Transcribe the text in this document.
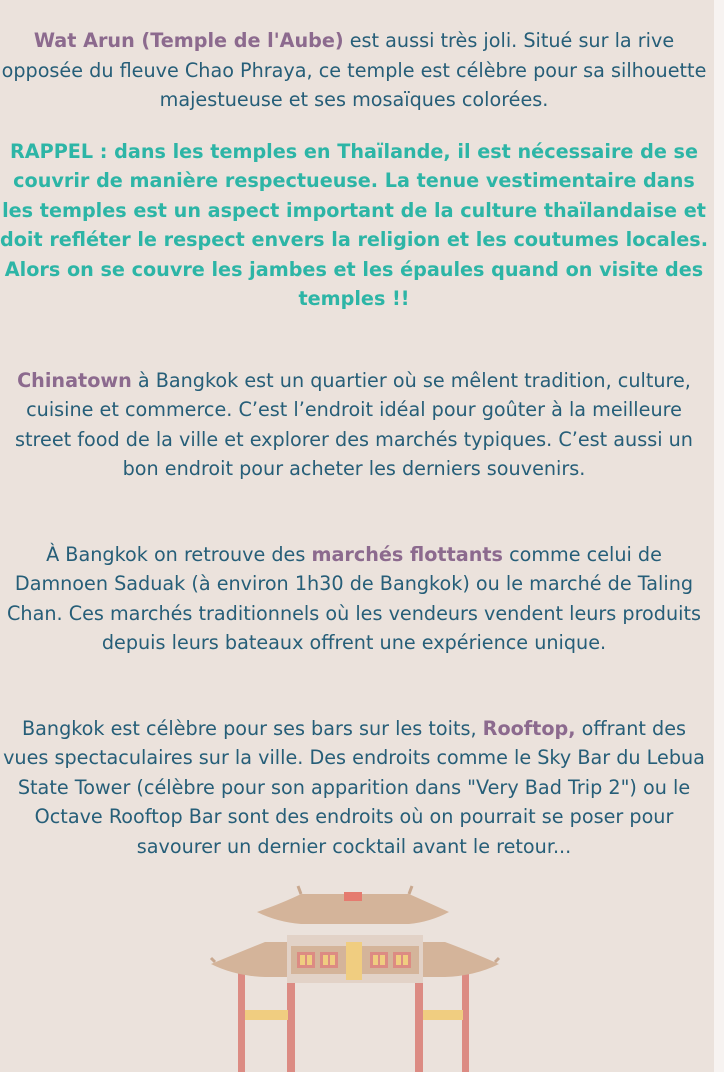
Wat Arun (Temple de l'Aube) est aussi très joli. Situé sur la rive opposée du fleuve Chao Phraya, ce temple est célèbre pour sa silhouette majestueuse et ses mosaïques colorées.

RAPPEL : dans les temples en Thaïlande, il est nécessaire de se couvrir de manière respectueuse. La tenue vestimentaire dans les temples est un aspect important de la culture thaïlandaise et doit refléter le respect envers la religion et les coutumes locales. Alors on se couvre les jambes et les épaules quand on visite des temples !!

Chinatown à Bangkok est un quartier où se mêlent tradition, culture, cuisine et commerce. C’est l’endroit idéal pour goûter à la meilleure street food de la ville et explorer des marchés typiques. C’est aussi un bon endroit pour acheter les derniers souvenirs.

À Bangkok on retrouve des marchés flottants comme celui de Damnoen Saduak (à environ 1h30 de Bangkok) ou le marché de Taling Chan. Ces marchés traditionnels où les vendeurs vendent leurs produits depuis leurs bateaux offrent une expérience unique.

Bangkok est célèbre pour ses bars sur les toits, Rooftop, offrant des vues spectaculaires sur la ville. Des endroits comme le Sky Bar du Lebua State Tower (célèbre pour son apparition dans "Very Bad Trip 2") ou le Octave Rooftop Bar sont des endroits où on pourrait se poser pour savourer un dernier cocktail avant le retour...
